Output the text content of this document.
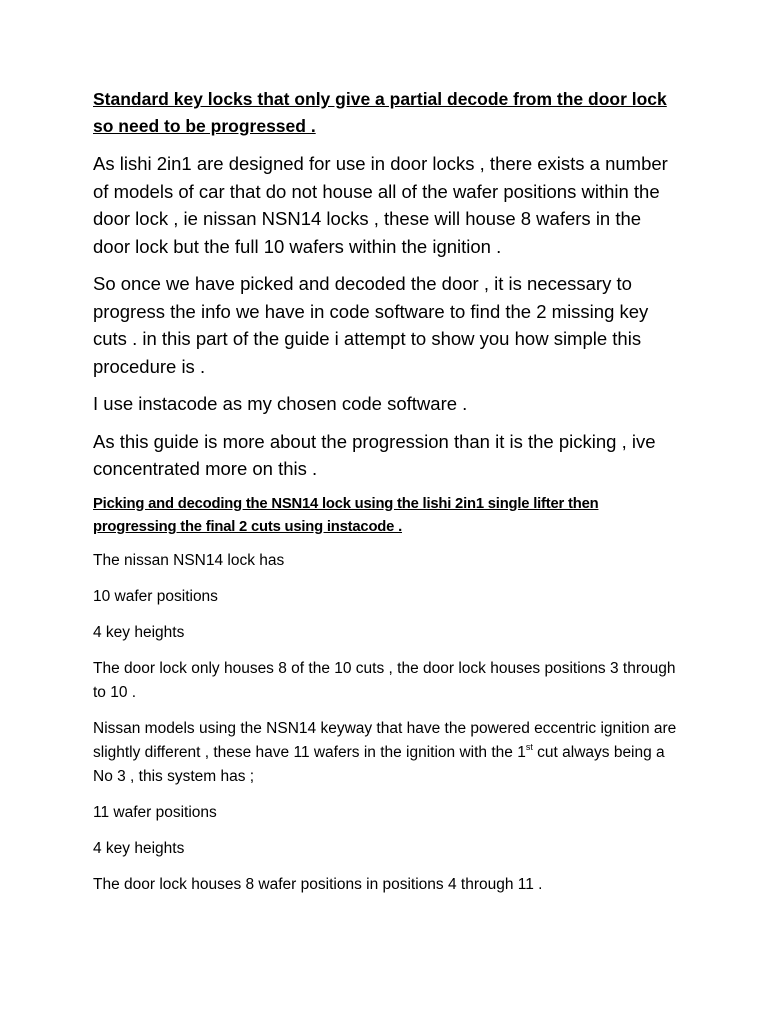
Standard key locks that only give a partial decode from the door lock so need to be progressed .

As lishi 2in1 are designed for use in door locks , there exists a number of models of car that do not house all of the wafer positions within the door lock , ie nissan NSN14 locks , these will house 8 wafers in the door lock but the full 10 wafers within the ignition .

So once we have picked and decoded the door , it is necessary to progress the info we have in code software to find the 2 missing key cuts . in this part of the guide i attempt to show you how simple this procedure is .

I use instacode as my chosen code software .

As this guide is more about the progression than it is the picking , ive concentrated more on this .

Picking and decoding the NSN14 lock using the lishi 2in1 single lifter then progressing the final 2 cuts using instacode .

The nissan NSN14 lock has

10 wafer positions

4 key heights

The door lock only houses 8 of the 10 cuts , the door lock houses positions 3 through to 10 .

Nissan models using the NSN14 keyway that have the powered eccentric ignition are slightly different , these have 11 wafers in the ignition with the 1st cut always being a No 3 , this system has ;

11 wafer positions

4 key heights

The door lock houses 8 wafer positions in positions 4 through 11 .
